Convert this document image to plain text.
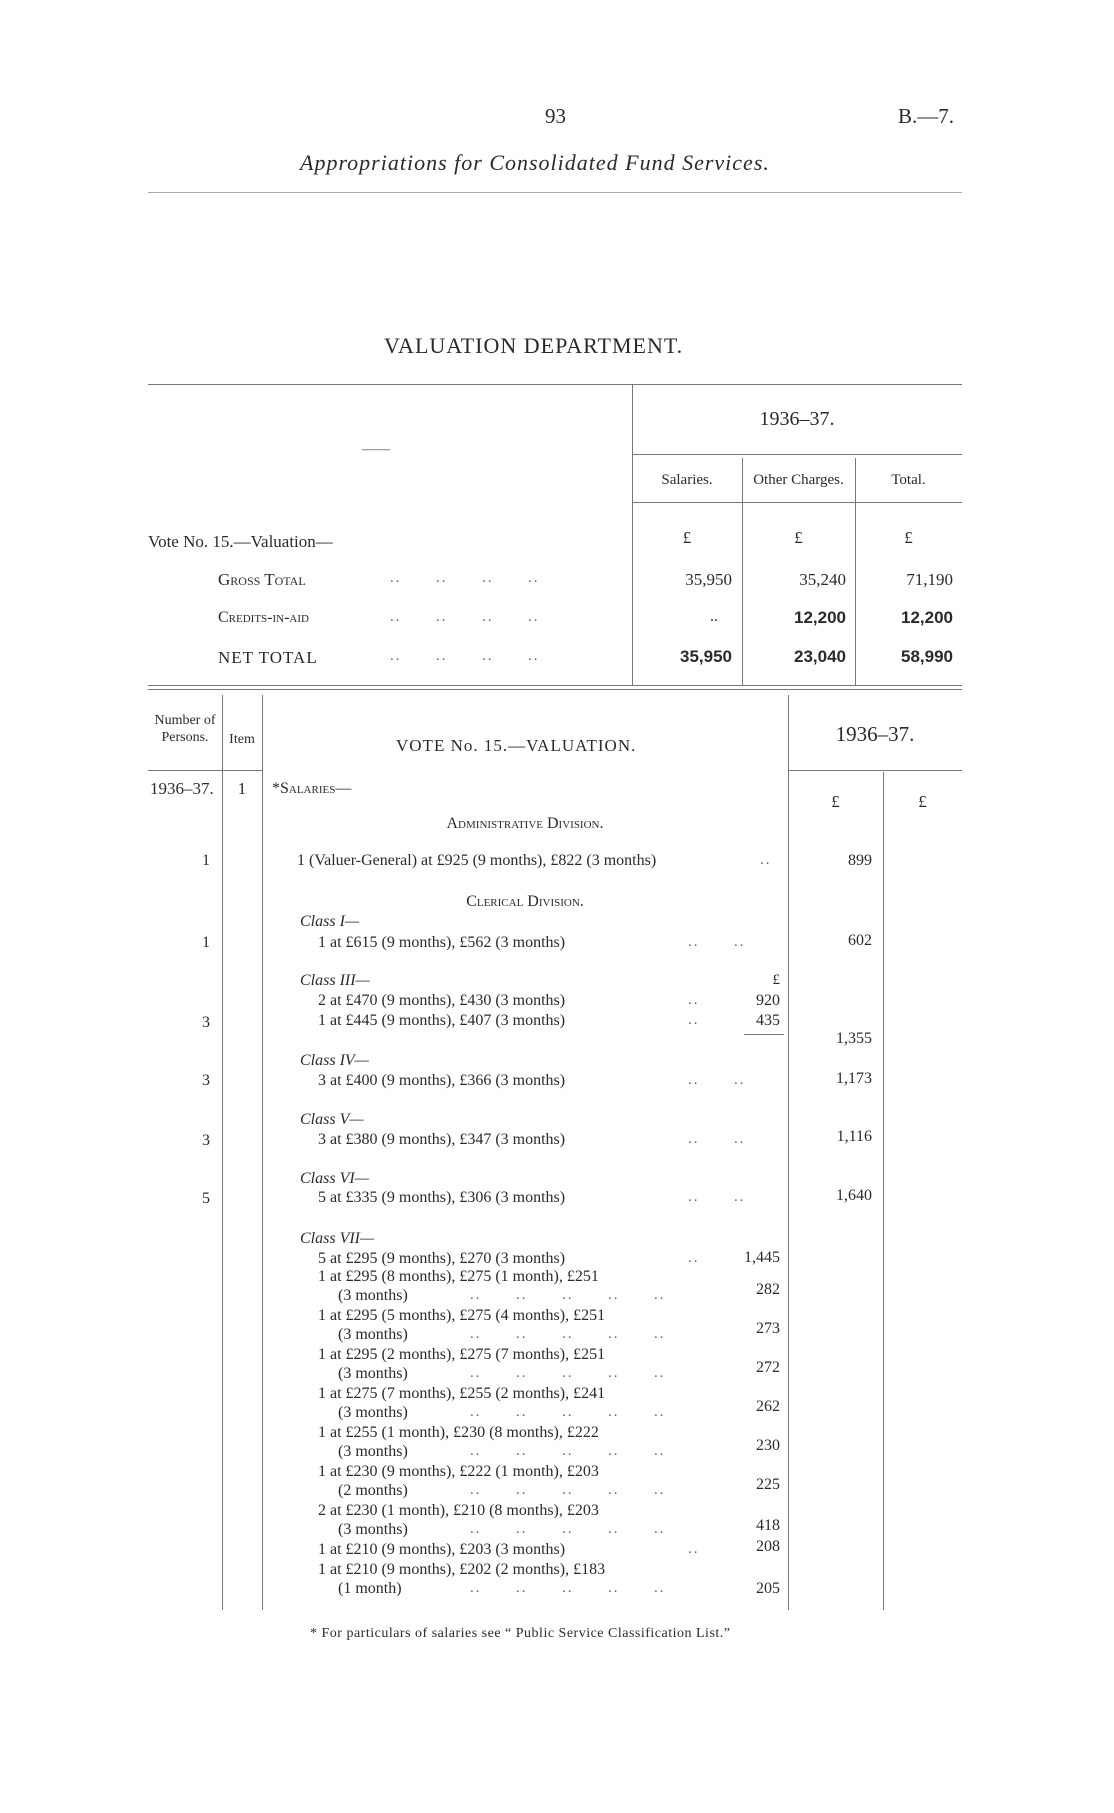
93	B.—7.
Appropriations for Consolidated Fund Services.
VALUATION DEPARTMENT.
——
1936–37.
Salaries.	Other Charges.	Total.
Vote No. 15.—Valuation—	£	£	£
Gross Total	..      ..      ..      ..	35,950	35,240	71,190
Credits-in-aid	..      ..      ..      ..	..	12,200	12,200
NET TOTAL	..      ..      ..      ..	35,950	23,040	58,990
Number of Persons.	Item	VOTE No. 15.—VALUATION.	1936–37.
1936–37.	1	*Salaries—
£	£
Administrative Division.
1	1 (Valuer-General) at £925 (9 months), £822 (3 months)	..	899
Clerical Division.
Class I—
1	1 at £615 (9 months), £562 (3 months)	..      ..	602
Class III—	£
2 at £470 (9 months), £430 (3 months)	..	920
3	1 at £445 (9 months), £407 (3 months)	..	435
1,355
Class IV—
3	3 at £400 (9 months), £366 (3 months)	..      ..	1,173
Class V—
3	3 at £380 (9 months), £347 (3 months)	..      ..	1,116
Class VI—
5	5 at £335 (9 months), £306 (3 months)	..      ..	1,640
Class VII—
5 at £295 (9 months), £270 (3 months)	..	1,445
1 at £295 (8 months), £275 (1 month), £251
(3 months)	..      ..      ..      ..      ..	282
1 at £295 (5 months), £275 (4 months), £251
(3 months)	..      ..      ..      ..      ..	273
1 at £295 (2 months), £275 (7 months), £251
(3 months)	..      ..      ..      ..      ..	272
1 at £275 (7 months), £255 (2 months), £241
(3 months)	..      ..      ..      ..      ..	262
1 at £255 (1 month), £230 (8 months), £222
(3 months)	..      ..      ..      ..      ..	230
1 at £230 (9 months), £222 (1 month), £203
(2 months)	..      ..      ..      ..      ..	225
2 at £230 (1 month), £210 (8 months), £203
(3 months)	..      ..      ..      ..      ..	418
1 at £210 (9 months), £203 (3 months)	..	208
1 at £210 (9 months), £202 (2 months), £183
(1 month)	..      ..      ..      ..      ..	205
* For particulars of salaries see “ Public Service Classification List.”
